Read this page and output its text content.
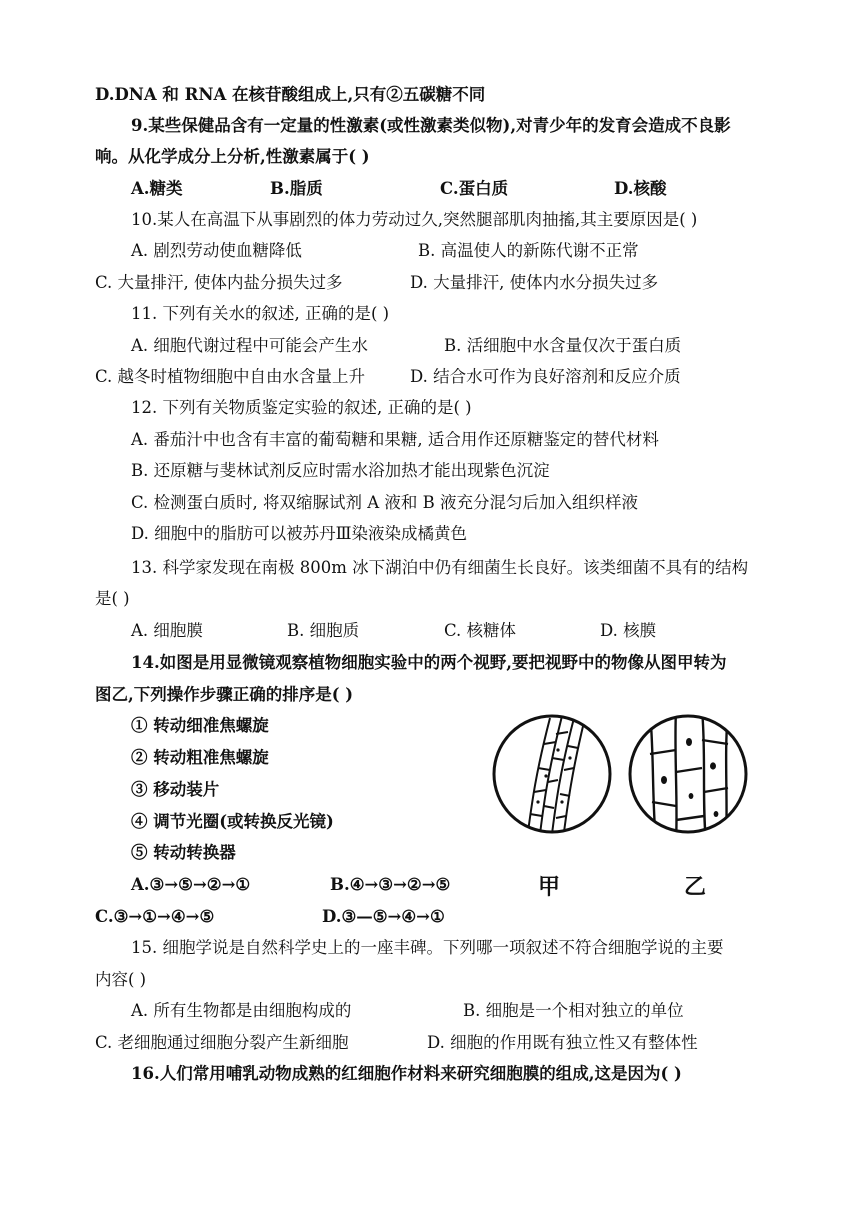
D.DNA 和 RNA 在核苷酸组成上,只有②五碳糖不同
9.某些保健品含有一定量的性激素(或性激素类似物),对青少年的发育会造成不良影
响。从化学成分上分析,性激素属于( )
A.糖类	B.脂质	C.蛋白质	D.核酸
10.某人在高温下从事剧烈的体力劳动过久,突然腿部肌肉抽搐,其主要原因是( )
A. 剧烈劳动使血糖降低	B. 高温使人的新陈代谢不正常
C. 大量排汗, 使体内盐分损失过多	D. 大量排汗, 使体内水分损失过多
11. 下列有关水的叙述, 正确的是( )
A. 细胞代谢过程中可能会产生水	B. 活细胞中水含量仅次于蛋白质
C. 越冬时植物细胞中自由水含量上升	D. 结合水可作为良好溶剂和反应介质
12. 下列有关物质鉴定实验的叙述, 正确的是( )
A. 番茄汁中也含有丰富的葡萄糖和果糖, 适合用作还原糖鉴定的替代材料
B. 还原糖与斐林试剂反应时需水浴加热才能出现紫色沉淀
C. 检测蛋白质时, 将双缩脲试剂 A 液和 B 液充分混匀后加入组织样液
D. 细胞中的脂肪可以被苏丹Ⅲ染液染成橘黄色
13. 科学家发现在南极 800m 冰下湖泊中仍有细菌生长良好。该类细菌不具有的结构
是( )
A. 细胞膜	B. 细胞质	C. 核糖体	D. 核膜
14.如图是用显微镜观察植物细胞实验中的两个视野,要把视野中的物像从图甲转为
图乙,下列操作步骤正确的排序是( )
① 转动细准焦螺旋
② 转动粗准焦螺旋
③ 移动装片
④ 调节光圈(或转换反光镜)
⑤ 转动转换器
A.③→⑤→②→①	B.④→③→②→⑤
C.③→①→④→⑤	D.③—⑤→④→①
甲	乙
15. 细胞学说是自然科学史上的一座丰碑。下列哪一项叙述不符合细胞学说的主要
内容( )
A. 所有生物都是由细胞构成的	B. 细胞是一个相对独立的单位
C. 老细胞通过细胞分裂产生新细胞	D. 细胞的作用既有独立性又有整体性
16.人们常用哺乳动物成熟的红细胞作材料来研究细胞膜的组成,这是因为( )
